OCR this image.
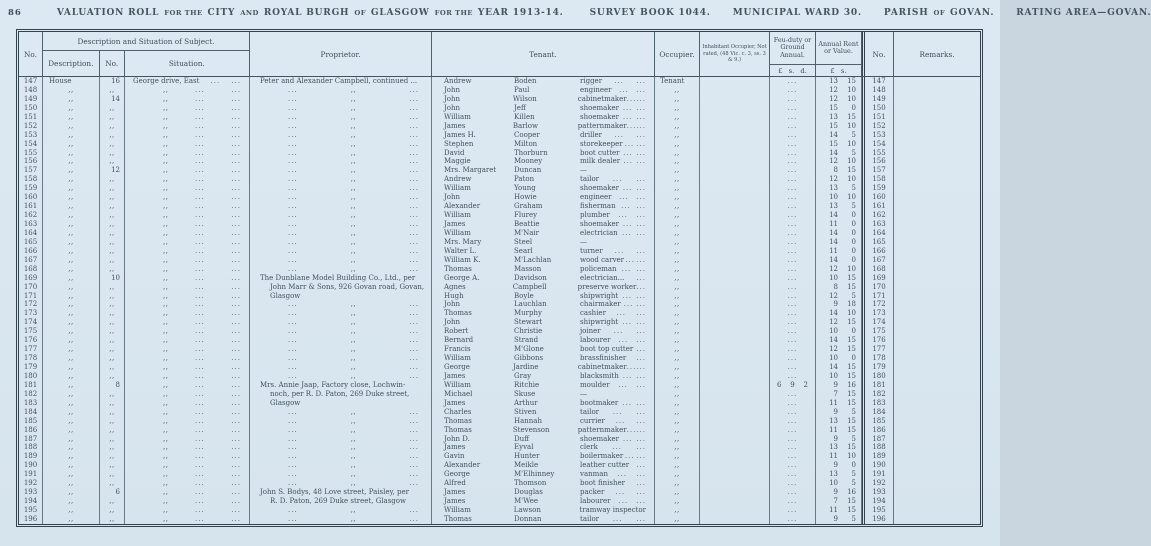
86	VALUATION ROLL FOR THE CITY AND ROYAL BURGH OF GLASGOW FOR THE YEAR 1913-14.	SURVEY BOOK 1044. MUNICIPAL WARD 30. PARISH OF GOVAN. RATING AREA—GOVAN.
No.
Description and Situation of Subject.
Description.	No.	Situation.
Proprietor.	Tenant.	Occupier.
Inhabitant Occupier, Not rated, (48 Vic. c. 3, ss. 3 & 9.)
Feu-duty or Ground Annual.
£ s. d.
Annual Rent or Value.
£ s.
No.	Remarks.
147	House	16 George drive, East ... ...	Peter and Alexander Campbell, continued ...	Andrew	Boden	rigger ... ... Tenant	...	13	15	147
148	,,	,,	,,	...	...	...	,,	...	John	Paul	engineer ... ...	,,	...	12	10	148
149	,,	14	,,	...	...	...	,,	...	John	Wilson	cabinetmaker ... ...	,,	...	12	10	149
150	,,	,,	,,	...	...	...	,,	...	John	Jeff	shoemaker ... ...	,,	...	15	0	150
151	,,	,,	,,	...	...	...	,,	...	William	Killen	shoemaker ... ...	,,	...	13	15	151
152	,,	,,	,,	...	...	...	,,	...	James	Barlow	patternmaker ... ...	,,	...	15	10	152
153	,,	,,	,,	...	...	...	,,	...	James H.	Cooper	driller ... ...	,,	...	14	5	153
154	,,	,,	,,	...	...	...	,,	...	Stephen	Milton	storekeeper ... ...	,,	...	15	10	154
155	,,	,,	,,	...	...	...	,,	...	David	Thorburn	boot cutter ... ...	,,	...	14	5	155
156	,,	,,	,,	...	...	...	,,	...	Maggie	Mooney	milk dealer ... ...	,,	...	12	10	156
157	,,	12	,,	...	...	...	,,	...	Mrs. Margaret	Duncan	—	,,	...	8	15	157
158	,,	,,	,,	...	...	...	,,	...	Andrew	Paton	tailor ... ...	,,	...	12	10	158
159	,,	,,	,,	...	...	...	,,	...	William	Young	shoemaker ... ...	,,	...	13	5	159
160	,,	,,	,,	...	...	...	,,	...	John	Howie	engineer ... ...	,,	...	10	10	160
161	,,	,,	,,	...	...	...	,,	...	Alexander	Graham	fisherman ... ...	,,	...	13	5	161
162	,,	,,	,,	...	...	...	,,	...	William	Flurey	plumber ... ...	,,	...	14	0	162
163	,,	,,	,,	...	...	...	,,	...	James	Beattie	shoemaker ... ...	,,	...	11	0	163
164	,,	,,	,,	...	...	...	,,	...	William	M'Nair	electrician ... ...	,,	...	14	0	164
165	,,	,,	,,	...	...	...	,,	...	Mrs. Mary	Steel	—	,,	...	14	0	165
166	,,	,,	,,	...	...	...	,,	...	Walter L.	Searl	turner ... ...	,,	...	11	0	166
167	,,	,,	,,	...	...	...	,,	...	William K.	M'Lachlan	wood carver ... ...	,,	...	14	0	167
168	,,	,,	,,	...	...	...	,,	...	Thomas	Masson	policeman ... ...	,,	...	12	10	168
169	,,	10	,,	...	...	The Dunblane Model Building Co., Ltd., per	George A.	Davidson	electrician... ...	,,	...	10	15	169
170	,,	,,	,,	...	...	John Marr & Sons, 926 Govan road, Govan,	Agnes	Campbell	preserve worker ...	,,	...	8	15	170
171	,,	,,	,,	...	...	Glasgow	Hugh	Boyle	shipwright ... ...	,,	...	12	5	171
172	,,	,,	,,	...	...	...	,,	...	John	Lauchlan	chairmaker ... ...	,,	...	9	18	172
173	,,	,,	,,	...	...	...	,,	...	Thomas	Murphy	cashier ... ...	,,	...	14	10	173
174	,,	,,	,,	...	...	...	,,	...	John	Stewart	shipwright ... ...	,,	...	12	15	174
175	,,	,,	,,	...	...	...	,,	...	Robert	Christie	joiner ... ...	,,	...	10	0	175
176	,,	,,	,,	...	...	...	,,	...	Bernard	Strand	labourer ... ...	,,	...	14	15	176
177	,,	,,	,,	...	...	...	,,	...	Francis	M'Glone	boot top cutter ...	,,	...	12	15	177
178	,,	,,	,,	...	...	...	,,	...	William	Gibbons	brassfinisher ...	,,	...	10	0	178
179	,,	,,	,,	...	...	...	,,	...	George	Jardine	cabinetmaker ... ...	,,	...	14	15	179
180	,,	,,	,,	...	...	...	,,	...	James	Gray	blacksmith ... ...	,,	...	10	15	180
181	,,	8	,,	...	...	Mrs. Annie Jaap, Factory close, Lochwin-	William	Ritchie	moulder ... ...	,,	6 9 2	9	16	181
182	,,	,,	,,	...	...	noch, per R. D. Paton, 269 Duke street,	Michael	Skuse	—	,,	...	7	15	182
183	,,	,,	,,	...	...	Glasgow	James	Arthur	bootmaker ... ...	,,	...	11	15	183
184	,,	,,	,,	...	...	...	,,	...	Charles	Stiven	tailor ... ...	,,	...	9	5	184
185	,,	,,	,,	...	...	...	,,	...	Thomas	Hannah	currier ... ...	,,	...	13	15	185
186	,,	,,	,,	...	...	...	,,	...	Thomas	Stevenson	patternmaker ... ...	,,	...	11	15	186
187	,,	,,	,,	...	...	...	,,	...	John D.	Duff	shoemaker ... ...	,,	...	9	5	187
188	,,	,,	,,	...	...	...	,,	...	James	Eyval	clerk ... ...	,,	...	13	15	188
189	,,	,,	,,	...	...	...	,,	...	Gavin	Hunter	boilermaker ... ...	,,	...	11	10	189
190	,,	,,	,,	...	...	...	,,	...	Alexander	Meikle	leather cutter ...	,,	...	9	0	190
191	,,	,,	,,	...	...	...	,,	...	George	M'Elhinney	vanman ... ...	,,	...	13	5	191
192	,,	,,	,,	...	...	...	,,	...	Alfred	Thomson	boot finisher ...	,,	...	10	5	192
193	,,	6	,,	...	...	John S. Bodys, 48 Love street, Paisley, per	James	Douglas	packer ... ...	,,	...	9	16	193
194	,,	,,	,,	...	...	R. D. Paton, 269 Duke street, Glasgow	James	M'Wee	labourer ... ...	,,	...	7	15	194
195	,,	,,	,,	...	...	...	,,	...	William	Lawson	tramway inspector	,,	...	11	15	195
196	,,	,,	,,	...	...	...	,,	...	Thomas	Donnan	tailor ... ...	,,	...	9	5	196
